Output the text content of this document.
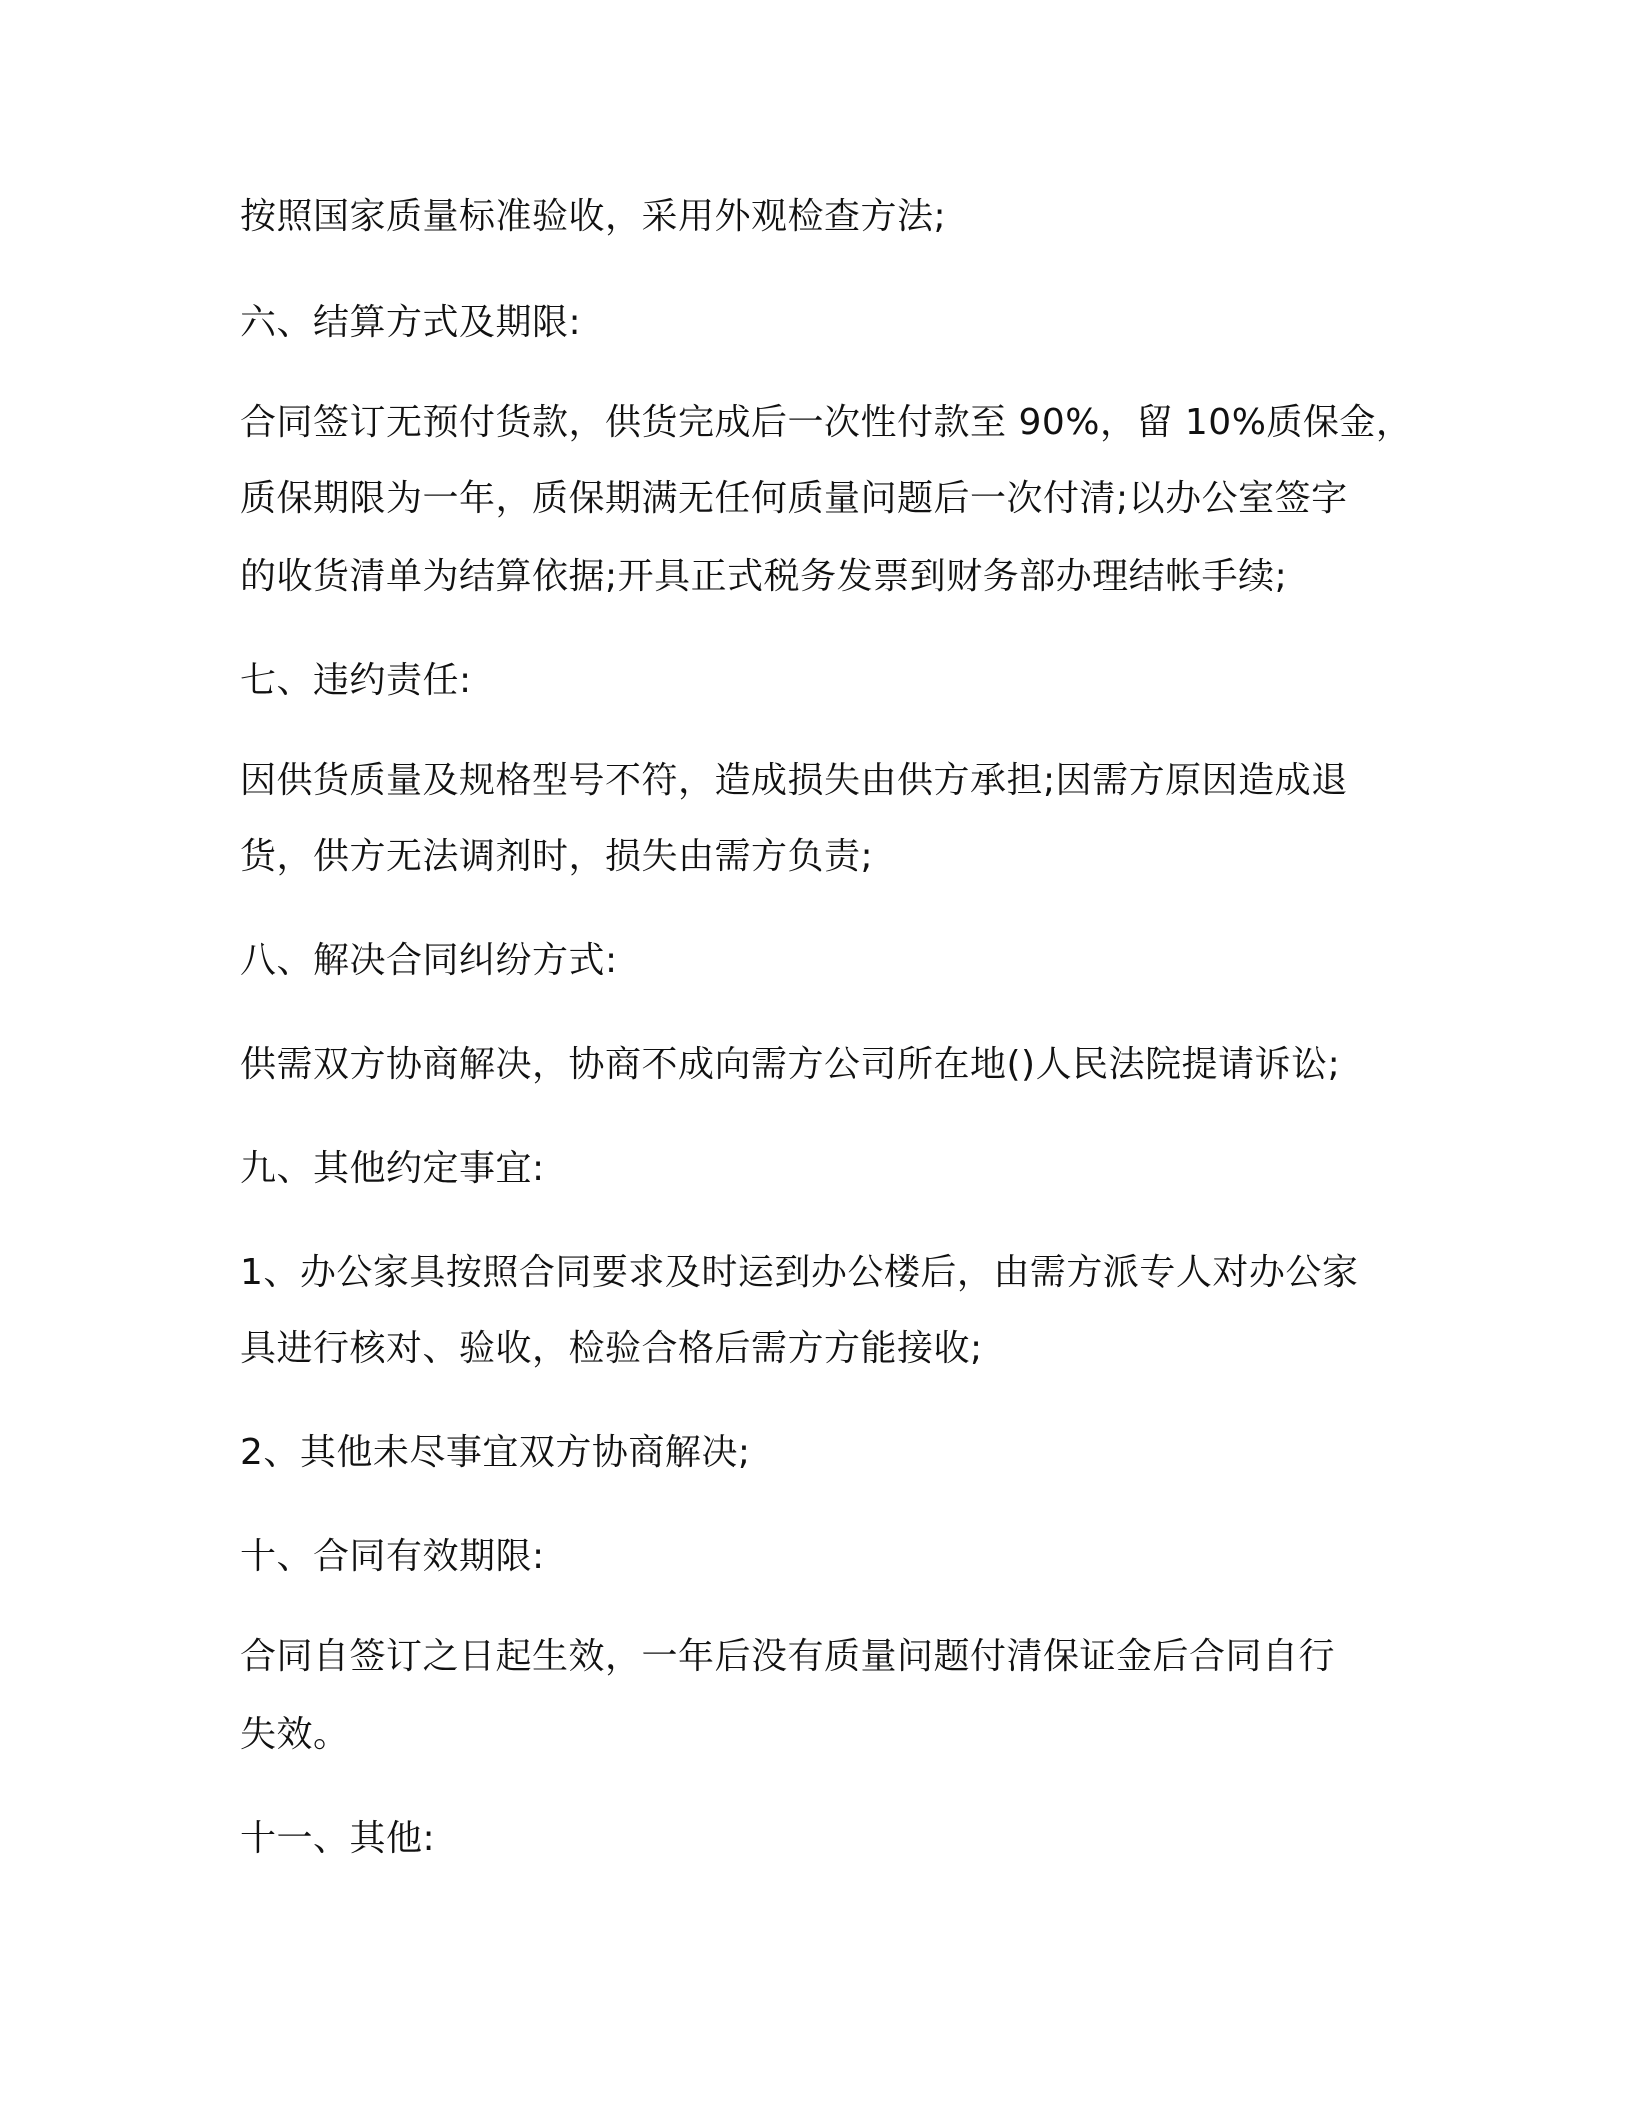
按照国家质量标准验收，采用外观检查方法;
六、结算方式及期限:
合同签订无预付货款，供货完成后一次性付款至 90%，留 10%质保金，
质保期限为一年，质保期满无任何质量问题后一次付清;以办公室签字
的收货清单为结算依据;开具正式税务发票到财务部办理结帐手续;
七、违约责任:
因供货质量及规格型号不符，造成损失由供方承担;因需方原因造成退
货，供方无法调剂时，损失由需方负责;
八、解决合同纠纷方式:
供需双方协商解决，协商不成向需方公司所在地()人民法院提请诉讼;
九、其他约定事宜:
1、办公家具按照合同要求及时运到办公楼后，由需方派专人对办公家
具进行核对、验收，检验合格后需方方能接收;
2、其他未尽事宜双方协商解决;
十、合同有效期限:
合同自签订之日起生效，一年后没有质量问题付清保证金后合同自行
失效。
十一、其他:
